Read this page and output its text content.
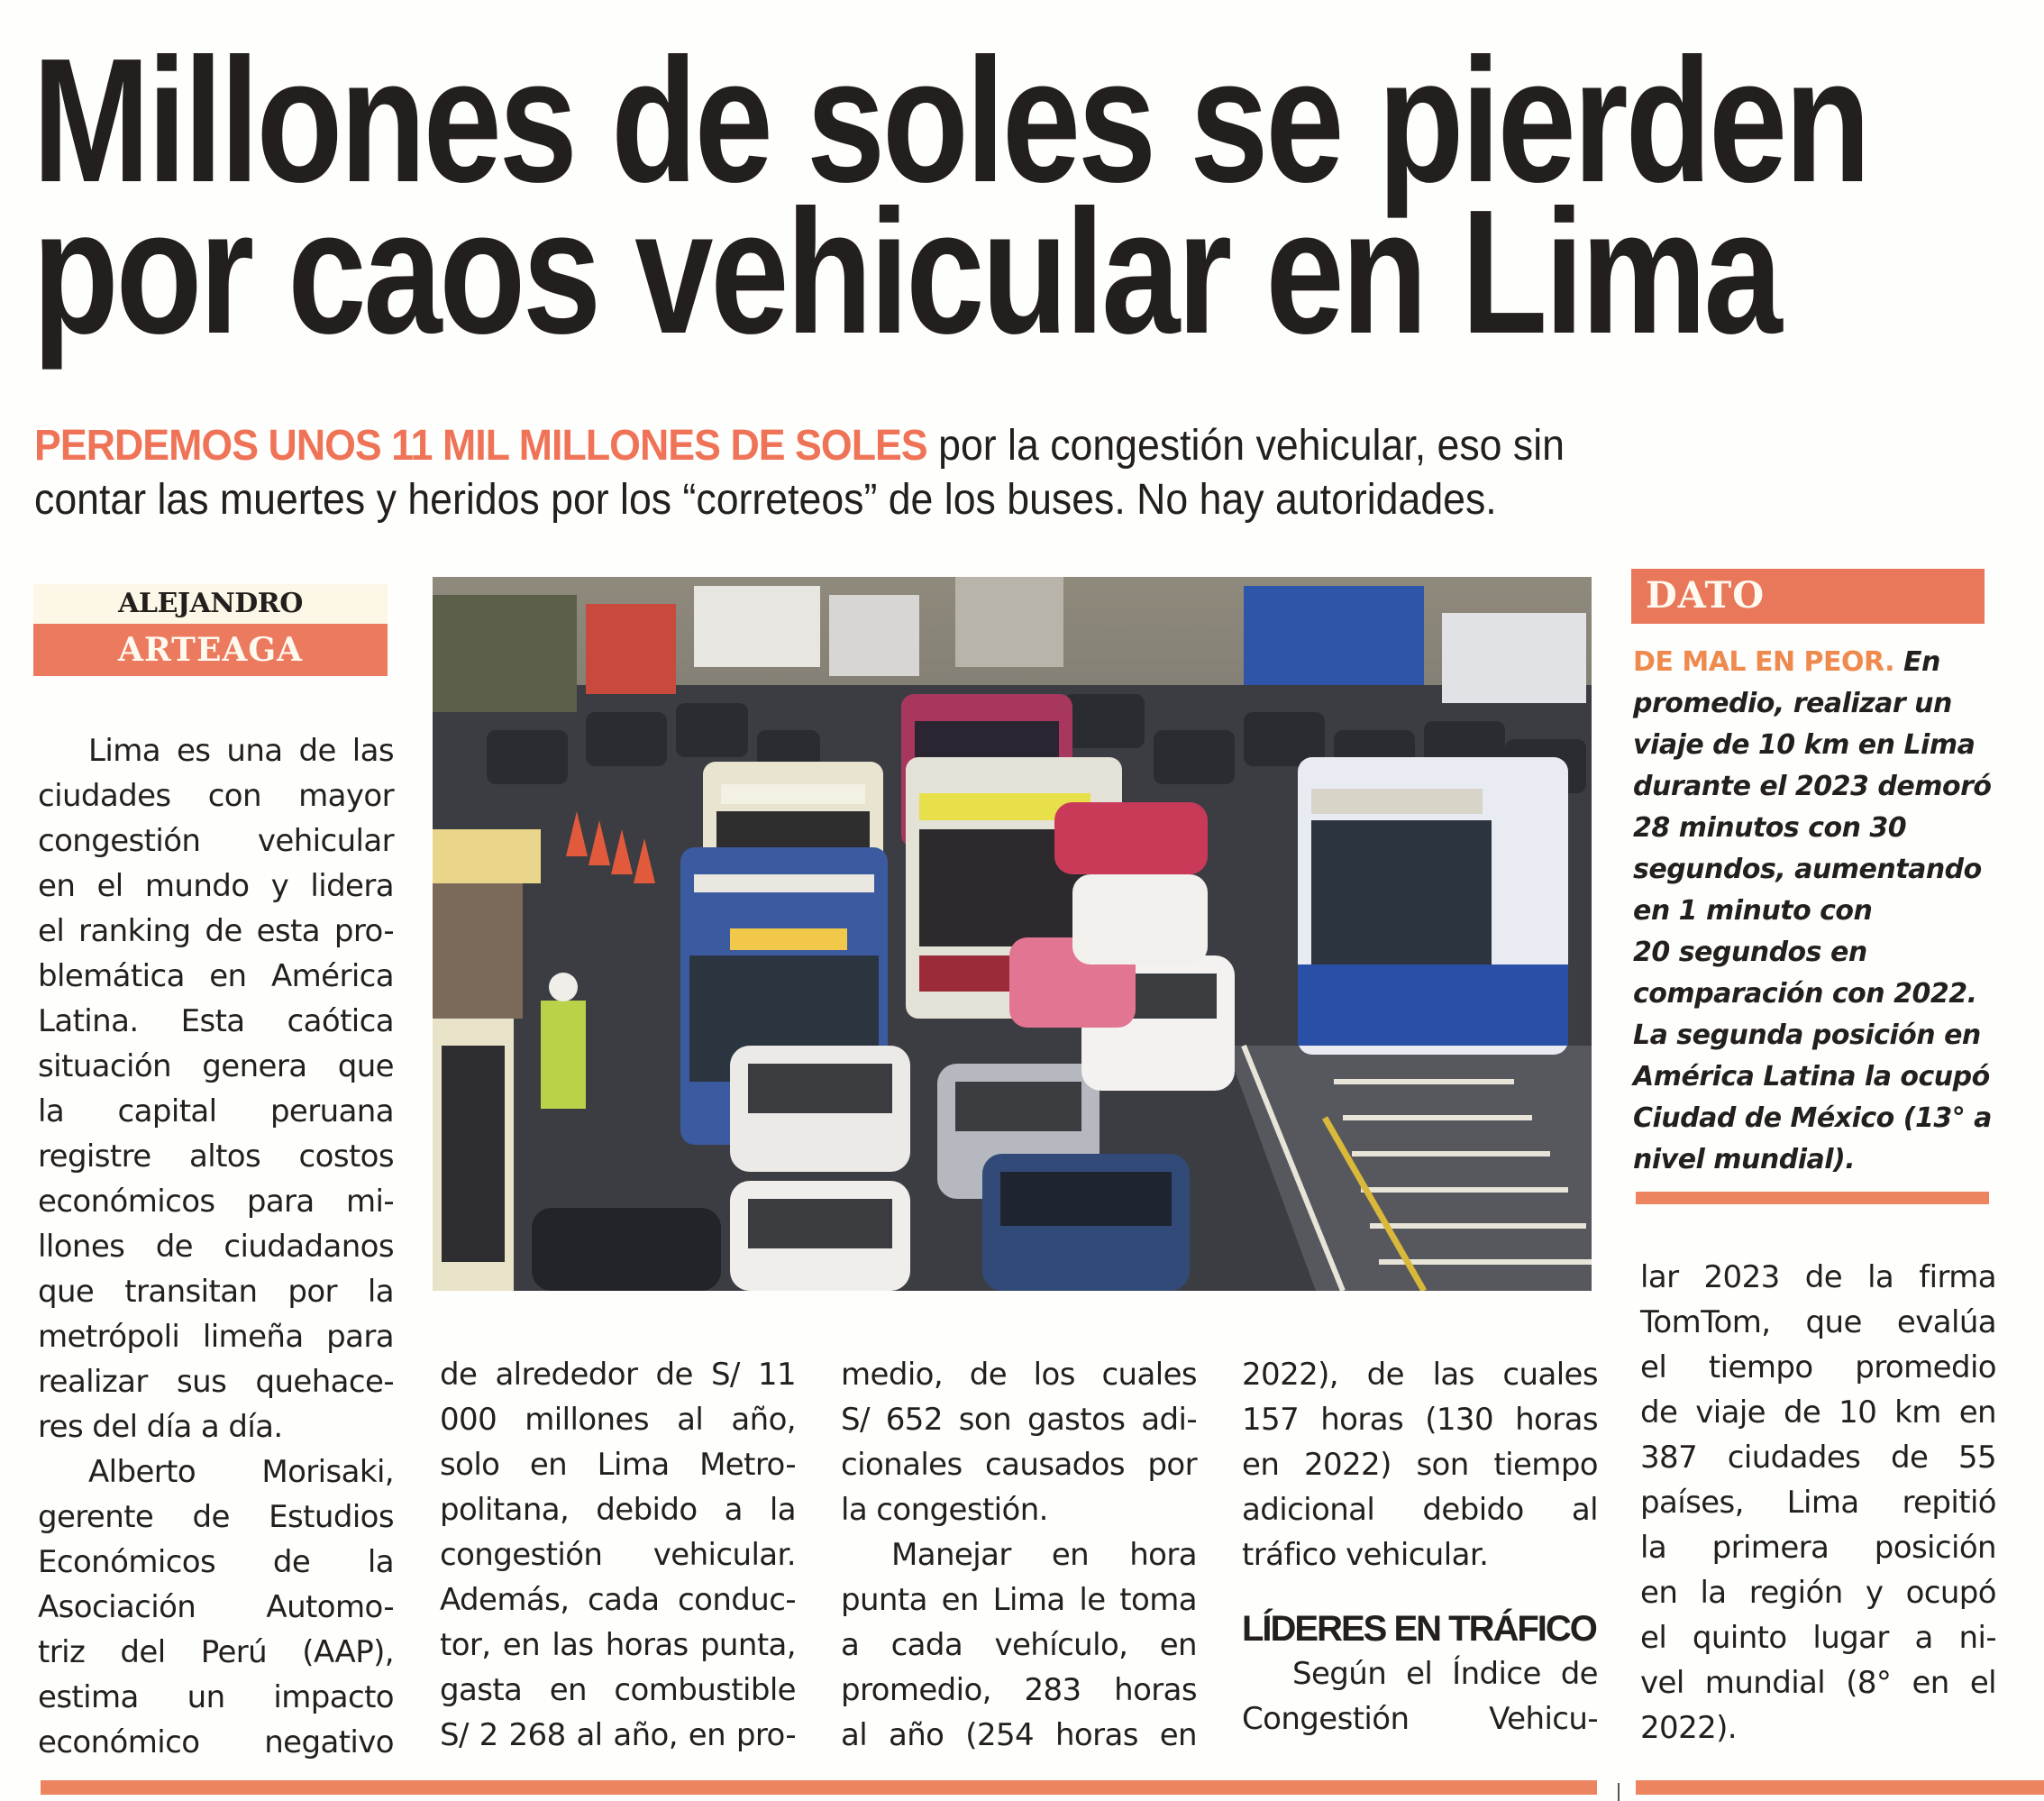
Millones de soles se pierden
por caos vehicular en Lima
PERDEMOS UNOS 11 MIL MILLONES DE SOLES por la congestión vehicular, eso sin
contar las muertes y heridos por los “correteos” de los buses. No hay autoridades.
ALEJANDRO
ARTEAGA
DATO
DE MAL EN PEOR. En
promedio, realizar un
viaje de 10 km en Lima
durante el 2023 demoró
28 minutos con 30
segundos, aumentando
en 1 minuto con
20 segundos en
comparación con 2022.
La segunda posición en
América Latina la ocupó
Ciudad de México (13° a
nivel mundial).
Lima es una de las
ciudades con mayor
congestión vehicular
en el mundo y lidera
el ranking de esta pro-
blemática en América
Latina. Esta caótica
situación genera que
la capital peruana
registre altos costos
económicos para mi-
llones de ciudadanos
que transitan por la
metrópoli limeña para
realizar sus quehace-
res del día a día.
Alberto Morisaki,
gerente de Estudios
Económicos de la
Asociación Automo-
triz del Perú (AAP),
estima un impacto
económico negativo
de alrededor de S/ 11
000 millones al año,
solo en Lima Metro-
politana, debido a la
congestión vehicular.
Además, cada conduc-
tor, en las horas punta,
gasta en combustible
S/ 2 268 al año, en pro-
medio, de los cuales
S/ 652 son gastos adi-
cionales causados por
la congestión.
Manejar en hora
punta en Lima le toma
a cada vehículo, en
promedio, 283 horas
al año (254 horas en
2022), de las cuales
157 horas (130 horas
en 2022) son tiempo
adicional debido al
tráfico vehicular.
LÍDERES EN TRÁFICO
Según el Índice de
Congestión Vehicu-
lar 2023 de la firma
TomTom, que evalúa
el tiempo promedio
de viaje de 10 km en
387 ciudades de 55
países, Lima repitió
la primera posición
en la región y ocupó
el quinto lugar a ni-
vel mundial (8° en el
2022).
